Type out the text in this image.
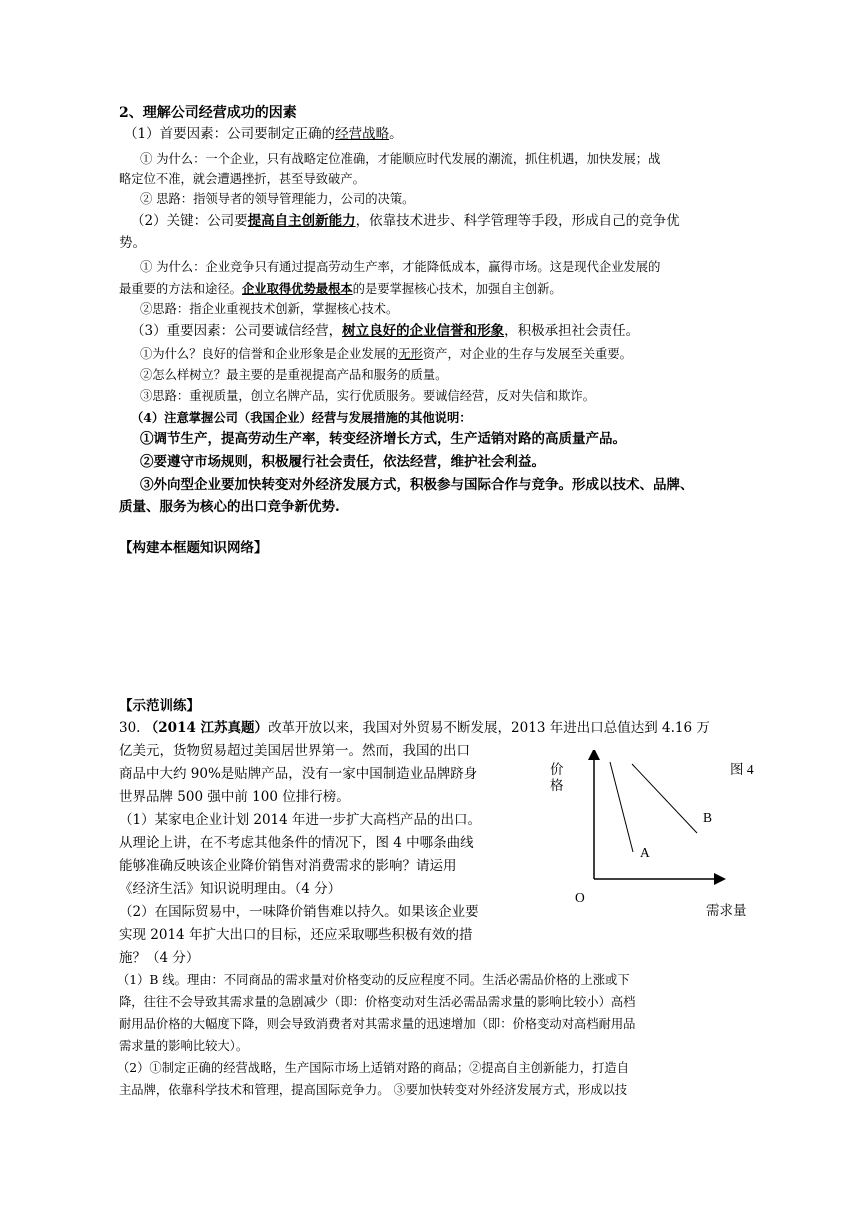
2、理解公司经营成功的因素
（1）首要因素：公司要制定正确的经营战略。
① 为什么：一个企业，只有战略定位准确，才能顺应时代发展的潮流，抓住机遇，加快发展；战
略定位不准，就会遭遇挫折，甚至导致破产。
② 思路：指领导者的领导管理能力，公司的决策。
（2）关键：公司要提高自主创新能力，依靠技术进步、科学管理等手段，形成自己的竞争优
势。
① 为什么：企业竞争只有通过提高劳动生产率，才能降低成本，赢得市场。这是现代企业发展的
最重要的方法和途径。企业取得优势最根本的是要掌握核心技术，加强自主创新。
②思路：指企业重视技术创新，掌握核心技术。
（3）重要因素：公司要诚信经营，树立良好的企业信誉和形象，积极承担社会责任。
①为什么？良好的信誉和企业形象是企业发展的无形资产，对企业的生存与发展至关重要。
②怎么样树立？最主要的是重视提高产品和服务的质量。
③思路：重视质量，创立名牌产品，实行优质服务。要诚信经营，反对失信和欺诈。
（4）注意掌握公司（我国企业）经营与发展措施的其他说明：
①调节生产，提高劳动生产率，转变经济增长方式，生产适销对路的高质量产品。
②要遵守市场规则，积极履行社会责任，依法经营，维护社会利益。
③外向型企业要加快转变对外经济发展方式，积极参与国际合作与竞争。形成以技术、品牌、
质量、服务为核心的出口竞争新优势.
【构建本框题知识网络】
【示范训练】
30. （2014 江苏真题）改革开放以来，我国对外贸易不断发展，2013 年进出口总值达到 4.16 万
亿美元，货物贸易超过美国居世界第一。然而，我国的出口
商品中大约 90%是贴牌产品，没有一家中国制造业品牌跻身
世界品牌 500 强中前 100 位排行榜。
（1）某家电企业计划 2014 年进一步扩大高档产品的出口。
从理论上讲，在不考虑其他条件的情况下，图 4 中哪条曲线
能够准确反映该企业降价销售对消费需求的影响？请运用
《经济生活》知识说明理由。（4 分）
（2）在国际贸易中，一味降价销售难以持久。如果该企业要
实现 2014 年扩大出口的目标，还应采取哪些积极有效的措
施？（4 分）
价
格
图 4
B
A
O
需求量
（1）B 线。理由：不同商品的需求量对价格变动的反应程度不同。生活必需品价格的上涨或下
降，往往不会导致其需求量的急剧减少（即：价格变动对生活必需品需求量的影响比较小）高档
耐用品价格的大幅度下降，则会导致消费者对其需求量的迅速增加（即：价格变动对高档耐用品
需求量的影响比较大）。
（2）①制定正确的经营战略，生产国际市场上适销对路的商品；②提高自主创新能力，打造自
主品牌，依靠科学技术和管理，提高国际竞争力。 ③要加快转变对外经济发展方式，形成以技
